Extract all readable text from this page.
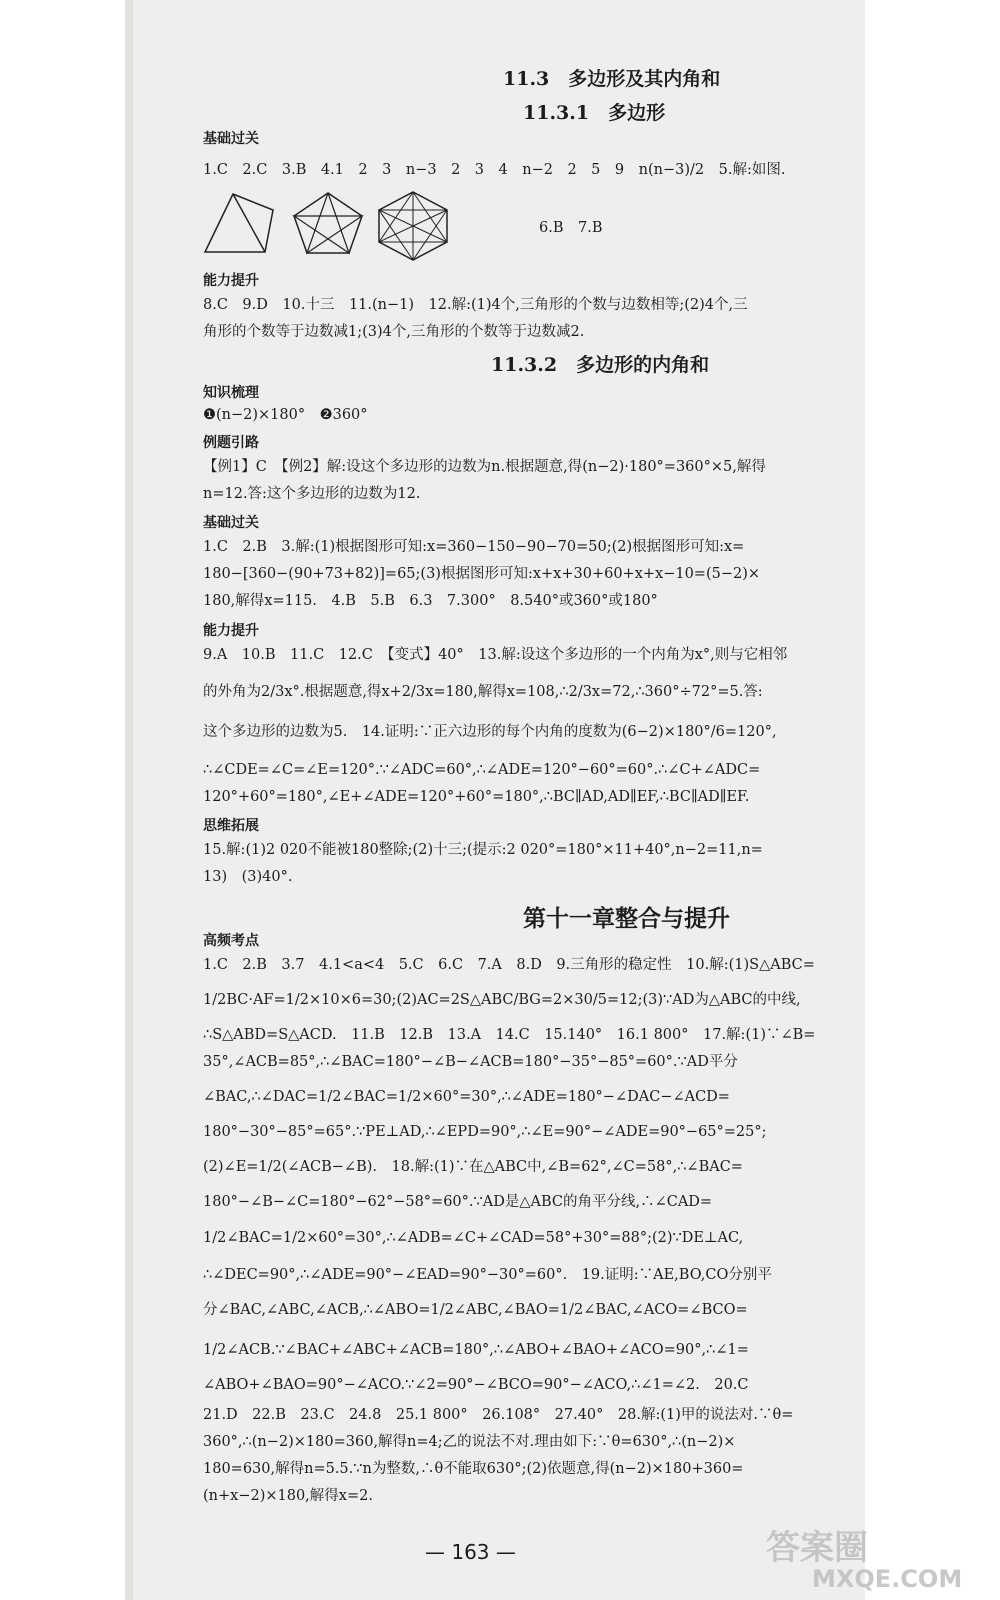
11.3　多边形及其内角和
11.3.1　多边形
基础过关
1.C　2.C　3.B　4.1　2　3　n−3　2　3　4　n−2　2　5　9　n(n−3)/2　5.解:如图.
6.B　7.B
能力提升
8.C　9.D　10.十三　11.(n−1)　12.解:(1)4个,三角形的个数与边数相等;(2)4个,三
角形的个数等于边数减1;(3)4个,三角形的个数等于边数减2.
11.3.2　多边形的内角和
知识梳理
❶(n−2)×180°　❷360°
例题引路
【例1】C　【例2】解:设这个多边形的边数为n.根据题意,得(n−2)·180°=360°×5,解得
n=12.答:这个多边形的边数为12.
基础过关
1.C　2.B　3.解:(1)根据图形可知:x=360−150−90−70=50;(2)根据图形可知:x=
180−[360−(90+73+82)]=65;(3)根据图形可知:x+x+30+60+x+x−10=(5−2)×
180,解得x=115.　4.B　5.B　6.3　7.300°　8.540°或360°或180°
能力提升
9.A　10.B　11.C　12.C　【变式】40°　13.解:设这个多边形的一个内角为x°,则与它相邻
的外角为2/3x°.根据题意,得x+2/3x=180,解得x=108,∴2/3x=72,∴360°÷72°=5.答:
这个多边形的边数为5.　14.证明:∵正六边形的每个内角的度数为(6−2)×180°/6=120°,
∴∠CDE=∠C=∠E=120°.∵∠ADC=60°,∴∠ADE=120°−60°=60°.∴∠C+∠ADC=
120°+60°=180°,∠E+∠ADE=120°+60°=180°,∴BC∥AD,AD∥EF,∴BC∥AD∥EF.
思维拓展
15.解:(1)2 020不能被180整除;(2)十三;(提示:2 020°=180°×11+40°,n−2=11,n=
13)　(3)40°.
第十一章整合与提升
高频考点
1.C　2.B　3.7　4.1<a<4　5.C　6.C　7.A　8.D　9.三角形的稳定性　10.解:(1)S△ABC=
1/2BC·AF=1/2×10×6=30;(2)AC=2S△ABC/BG=2×30/5=12;(3)∵AD为△ABC的中线,
∴S△ABD=S△ACD.　11.B　12.B　13.A　14.C　15.140°　16.1 800°　17.解:(1)∵∠B=
35°,∠ACB=85°,∴∠BAC=180°−∠B−∠ACB=180°−35°−85°=60°.∵AD平分
∠BAC,∴∠DAC=1/2∠BAC=1/2×60°=30°,∴∠ADE=180°−∠DAC−∠ACD=
180°−30°−85°=65°.∵PE⊥AD,∴∠EPD=90°,∴∠E=90°−∠ADE=90°−65°=25°;
(2)∠E=1/2(∠ACB−∠B).　18.解:(1)∵在△ABC中,∠B=62°,∠C=58°,∴∠BAC=
180°−∠B−∠C=180°−62°−58°=60°.∵AD是△ABC的角平分线,∴∠CAD=
1/2∠BAC=1/2×60°=30°,∴∠ADB=∠C+∠CAD=58°+30°=88°;(2)∵DE⊥AC,
∴∠DEC=90°,∴∠ADE=90°−∠EAD=90°−30°=60°.　19.证明:∵AE,BO,CO分别平
分∠BAC,∠ABC,∠ACB,∴∠ABO=1/2∠ABC,∠BAO=1/2∠BAC,∠ACO=∠BCO=
1/2∠ACB.∵∠BAC+∠ABC+∠ACB=180°,∴∠ABO+∠BAO+∠ACO=90°,∴∠1=
∠ABO+∠BAO=90°−∠ACO.∵∠2=90°−∠BCO=90°−∠ACO,∴∠1=∠2.　20.C
21.D　22.B　23.C　24.8　25.1 800°　26.108°　27.40°　28.解:(1)甲的说法对.∵θ=
360°,∴(n−2)×180=360,解得n=4;乙的说法不对.理由如下:∵θ=630°,∴(n−2)×
180=630,解得n=5.5.∵n为整数,∴θ不能取630°;(2)依题意,得(n−2)×180+360=
(n+x−2)×180,解得x=2.
— 163 —	答案圈
MXQE.COM
